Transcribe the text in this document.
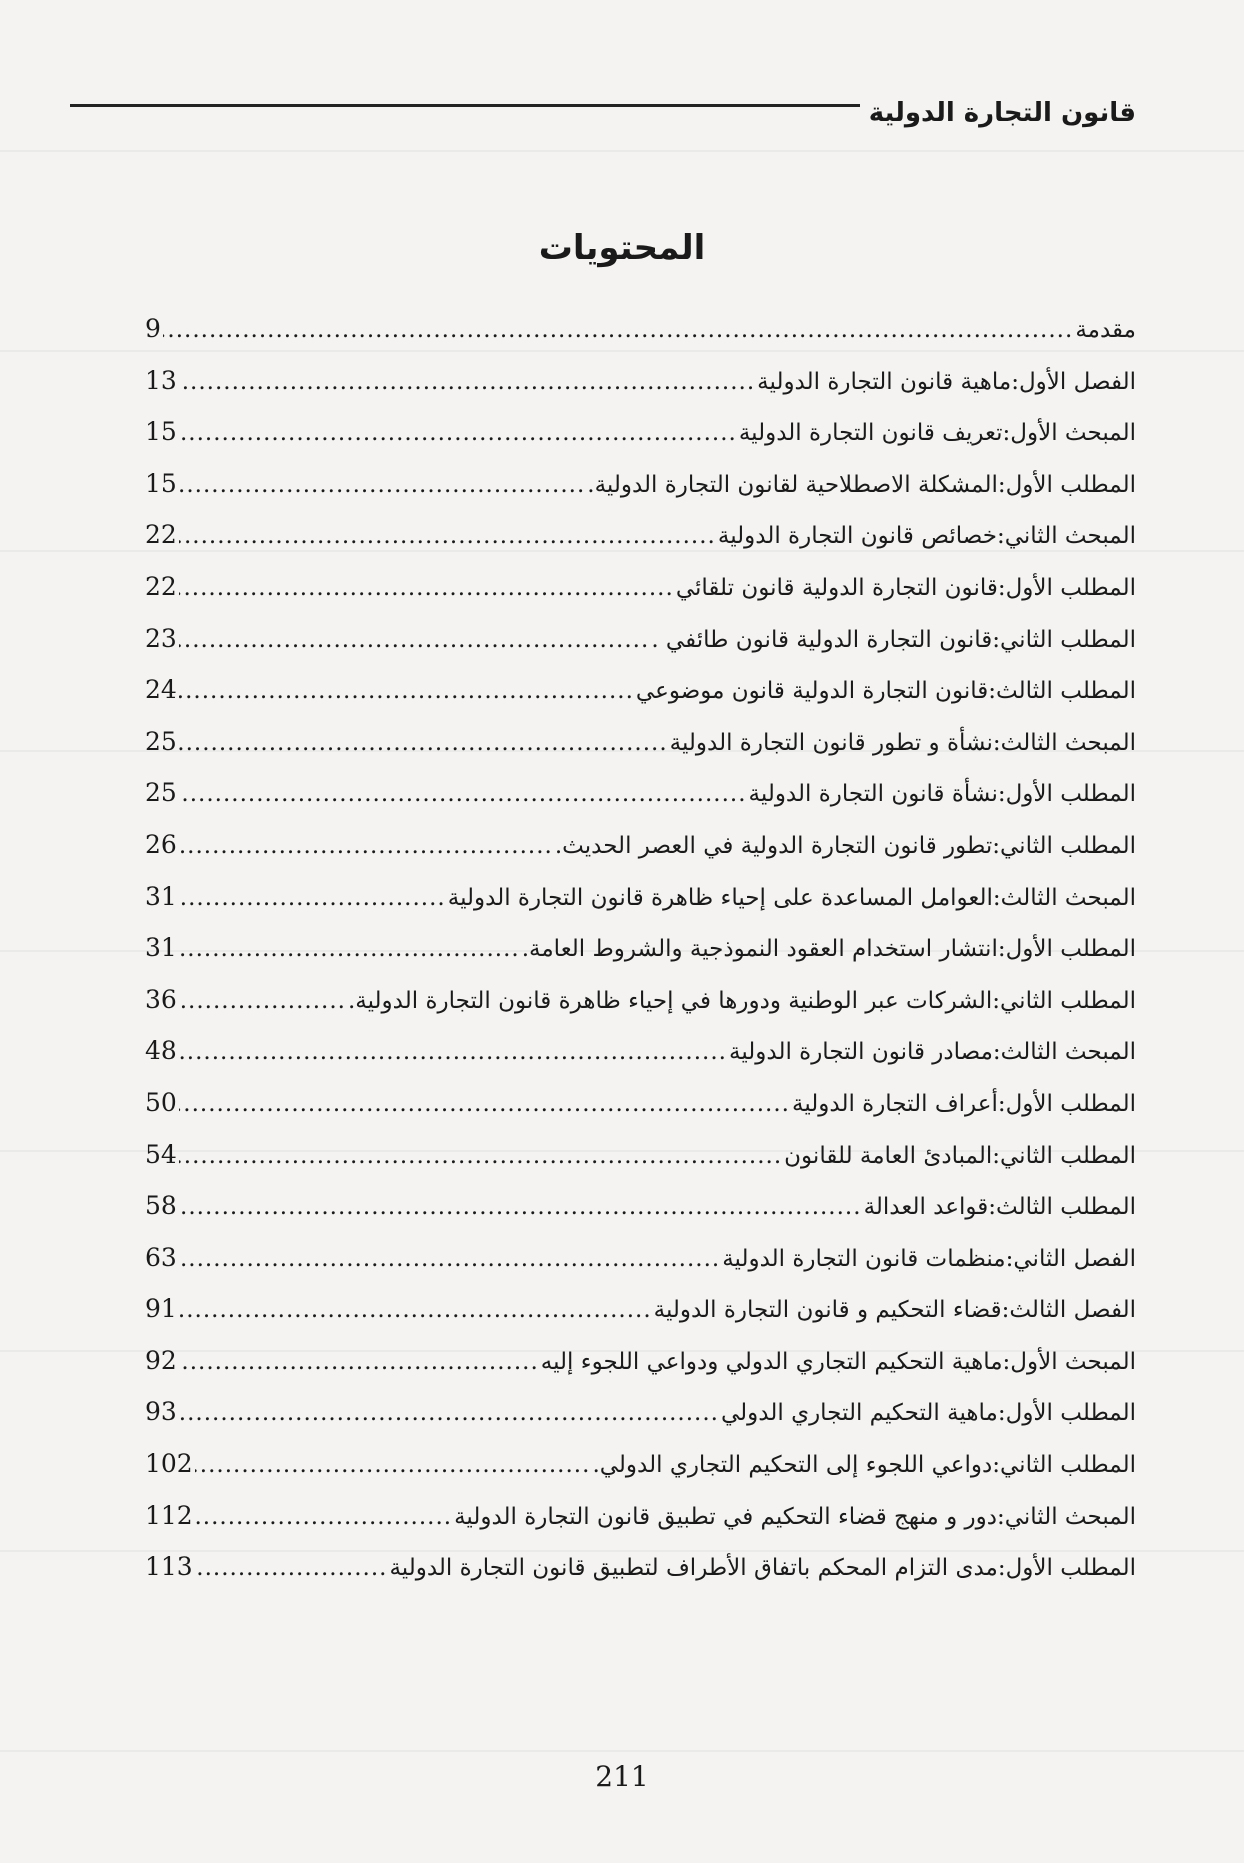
قانون التجارة الدولية
المحتويات
مقدمة
.....
9
الفصل الأول:ماهية قانون التجارة الدولية
.....
13
المبحث الأول:تعريف قانون التجارة الدولية
.....
15
المطلب الأول:المشكلة الاصطلاحية لقانون التجارة الدولية.
.....
15
المبحث الثاني:خصائص قانون التجارة الدولية
.....
22
المطلب الأول:قانون التجارة الدولية قانون تلقائي
.....
22
المطلب الثاني:قانون التجارة الدولية قانون طائفي .
.....
23
المطلب الثالث:قانون التجارة الدولية قانون موضوعي
.....
24
المبحث الثالث:نشأة و تطور قانون التجارة الدولية
.....
25
المطلب الأول:نشأة قانون التجارة الدولية
.....
25
المطلب الثاني:تطور قانون التجارة الدولية في العصر الحديث.
.....
26
المبحث الثالث:العوامل المساعدة على إحياء ظاهرة قانون التجارة الدولية
.....
31
المطلب الأول:انتشار استخدام العقود النموذجية والشروط العامة.
.....
31
المطلب الثاني:الشركات عبر الوطنية ودورها في إحياء ظاهرة قانون التجارة الدولية.
.....
36
المبحث الثالث:مصادر قانون التجارة الدولية
.....
48
المطلب الأول:أعراف التجارة الدولية
.....
50
المطلب الثاني:المبادئ العامة للقانون
.....
54
المطلب الثالث:قواعد العدالة
.....
58
الفصل الثاني:منظمات قانون التجارة الدولية
.....
63
الفصل الثالث:قضاء التحكيم و قانون التجارة الدولية
.....
91
المبحث الأول:ماهية التحكيم التجاري الدولي ودواعي اللجوء إليه
.....
92
المطلب الأول:ماهية التحكيم التجاري الدولي
.....
93
المطلب الثاني:دواعي اللجوء إلى التحكيم التجاري الدولي.
.....
102
المبحث الثاني:دور و منهج قضاء التحكيم في تطبيق قانون التجارة الدولية
.....
112
المطلب الأول:مدى التزام المحكم باتفاق الأطراف لتطبيق قانون التجارة الدولية
.....
113
211
